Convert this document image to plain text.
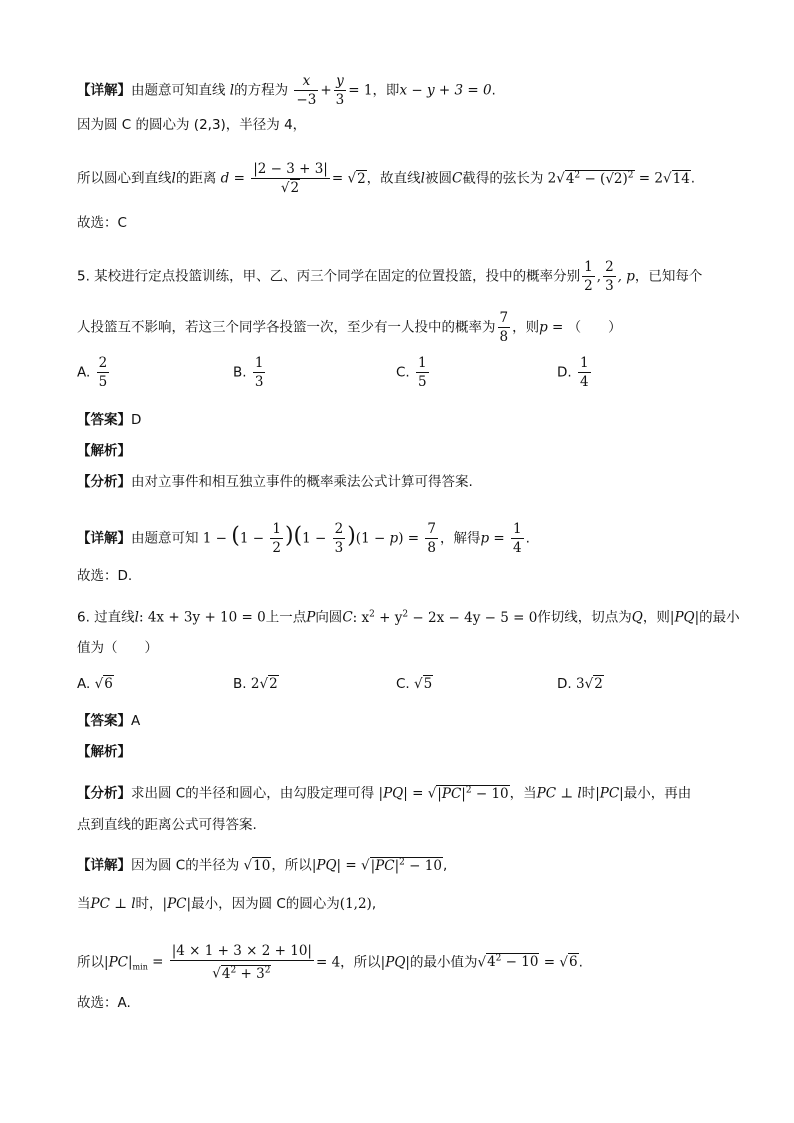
【详解】由题意可知直线 l的方程为 $\frac{x}{-3} + \frac{y}{3} = 1$，即x − y + 3 = 0.
因为圆 C 的圆心为 (2,3)，半径为 4，
所以圆心到直线l的距离 $d = \frac{|2 - 3 + 3|}{√2} = √2$，故直线l被圆C截得的弦长为 $2√4^2 - (√2)^2 = 2√14$.
故选：C
5. 某校进行定点投篮训练，甲、乙、丙三个同学在固定的位置投篮，投中的概率分别 $\frac{1}{2}$ , $\frac{2}{3}$ , p，已知每个
人投篮互不影响，若这三个同学各投篮一次，至少有一人投中的概率为 $\frac{7}{8}$ ，则p = （　　）
A. $\frac{2}{5}$	B. $\frac{1}{3}$	C. $\frac{1}{5}$	D. $\frac{1}{4}$
【答案】D
【解析】
【分析】由对立事件和相互独立事件的概率乘法公式计算可得答案.
【详解】由题意可知 $1 - (1 - \frac{1}{2} )(1 - \frac{2}{3} )(1 - p) = \frac{7}{8}$ ，解得$p = \frac{1}{4}$ .
故选：D.
6. 过直线l: 4x + 3y + 10 = 0上一点P向圆C: $x^2 + y^2 - 2x - 4y - 5 = 0$作切线，切点为Q，则|PQ|的最小
值为（　　）
A. √6	B. 2√2	C. √5	D. 3√2
【答案】A
【解析】
【分析】求出圆 C的半径和圆心，由勾股定理可得 $|PQ| = √|PC|^2 - 10$，当PC ⊥ l时|PC|最小，再由
点到直线的距离公式可得答案.
【详解】因为圆 C的半径为 √10，所以$|PQ| = √|PC|^2 - 10$,
当PC ⊥ l时，|PC|最小，因为圆 C的圆心为(1,2),
所以$|PC|_{min} = \frac{|4 \times 1 + 3 \times 2 + 10|}{√4^2 + 3^2} = 4$，所以|PQ|的最小值为$√4^2 - 10 = √6$.
故选：A.
